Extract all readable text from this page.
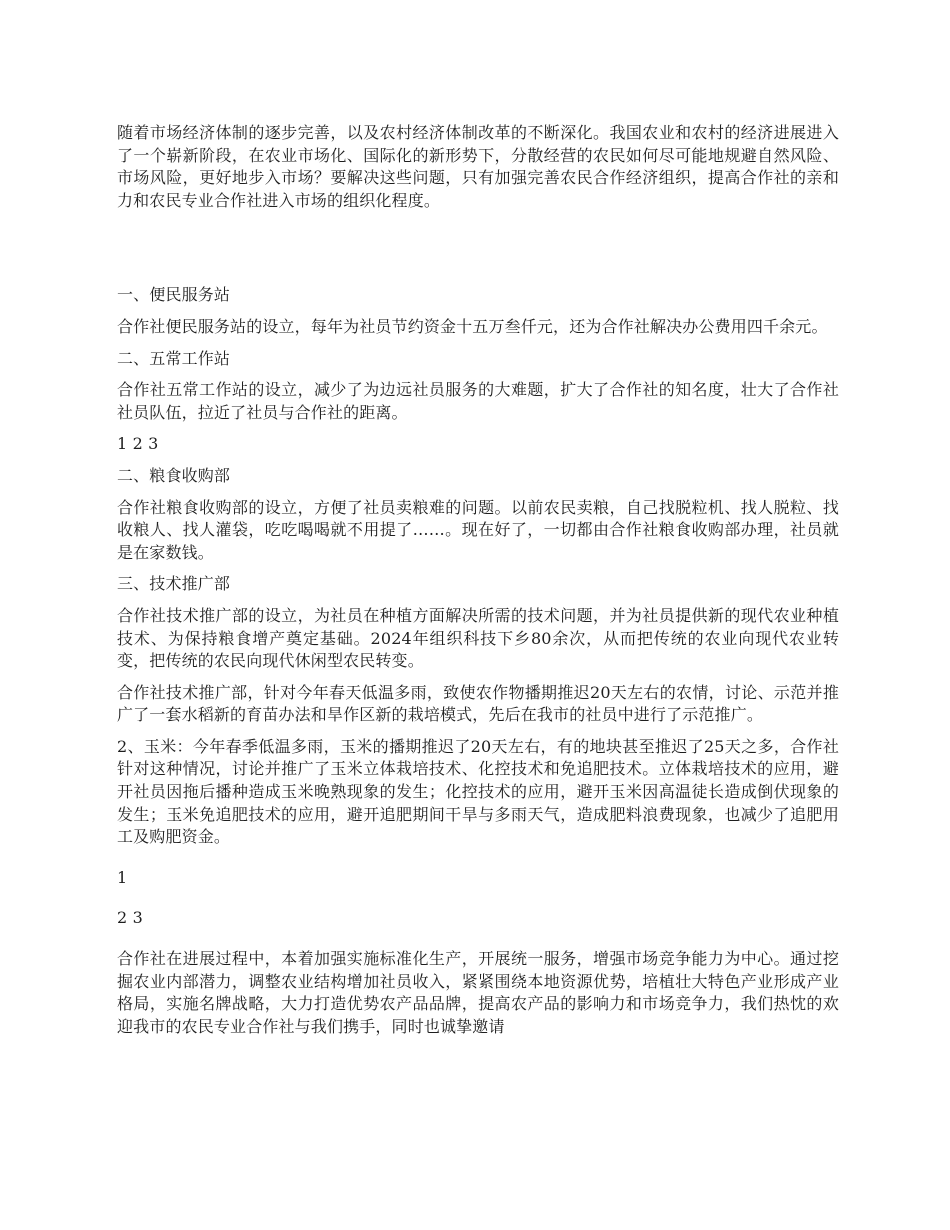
随着市场经济体制的逐步完善，以及农村经济体制改革的不断深化。我国农业和农村的经济进展进入了一个崭新阶段，在农业市场化、国际化的新形势下，分散经营的农民如何尽可能地规避自然风险、市场风险，更好地步入市场？要解决这些问题，只有加强完善农民合作经济组织，提高合作社的亲和力和农民专业合作社进入市场的组织化程度。

一、便民服务站

合作社便民服务站的设立，每年为社员节约资金十五万叁仟元，还为合作社解决办公费用四千余元。

二、五常工作站

合作社五常工作站的设立，减少了为边远社员服务的大难题，扩大了合作社的知名度，壮大了合作社社员队伍，拉近了社员与合作社的距离。

1 2 3

二、粮食收购部

合作社粮食收购部的设立，方便了社员卖粮难的问题。以前农民卖粮，自己找脱粒机、找人脱粒、找收粮人、找人灌袋，吃吃喝喝就不用提了……。现在好了，一切都由合作社粮食收购部办理，社员就是在家数钱。

三、技术推广部

合作社技术推广部的设立，为社员在种植方面解决所需的技术问题，并为社员提供新的现代农业种植技术、为保持粮食增产奠定基础。2024年组织科技下乡80余次，从而把传统的农业向现代农业转变，把传统的农民向现代休闲型农民转变。

合作社技术推广部，针对今年春天低温多雨，致使农作物播期推迟20天左右的农情，讨论、示范并推广了一套水稻新的育苗办法和旱作区新的栽培模式，先后在我市的社员中进行了示范推广。

2、玉米：今年春季低温多雨，玉米的播期推迟了20天左右，有的地块甚至推迟了25天之多，合作社针对这种情况，讨论并推广了玉米立体栽培技术、化控技术和免追肥技术。立体栽培技术的应用，避开社员因拖后播种造成玉米晚熟现象的发生；化控技术的应用，避开玉米因高温徒长造成倒伏现象的发生；玉米免追肥技术的应用，避开追肥期间干旱与多雨天气，造成肥料浪费现象，也减少了追肥用工及购肥资金。

1

2 3

合作社在进展过程中，本着加强实施标准化生产，开展统一服务，增强市场竞争能力为中心。通过挖掘农业内部潜力，调整农业结构增加社员收入，紧紧围绕本地资源优势，培植壮大特色产业形成产业格局，实施名牌战略，大力打造优势农产品品牌，提高农产品的影响力和市场竞争力，我们热忱的欢迎我市的农民专业合作社与我们携手，同时也诚挚邀请
